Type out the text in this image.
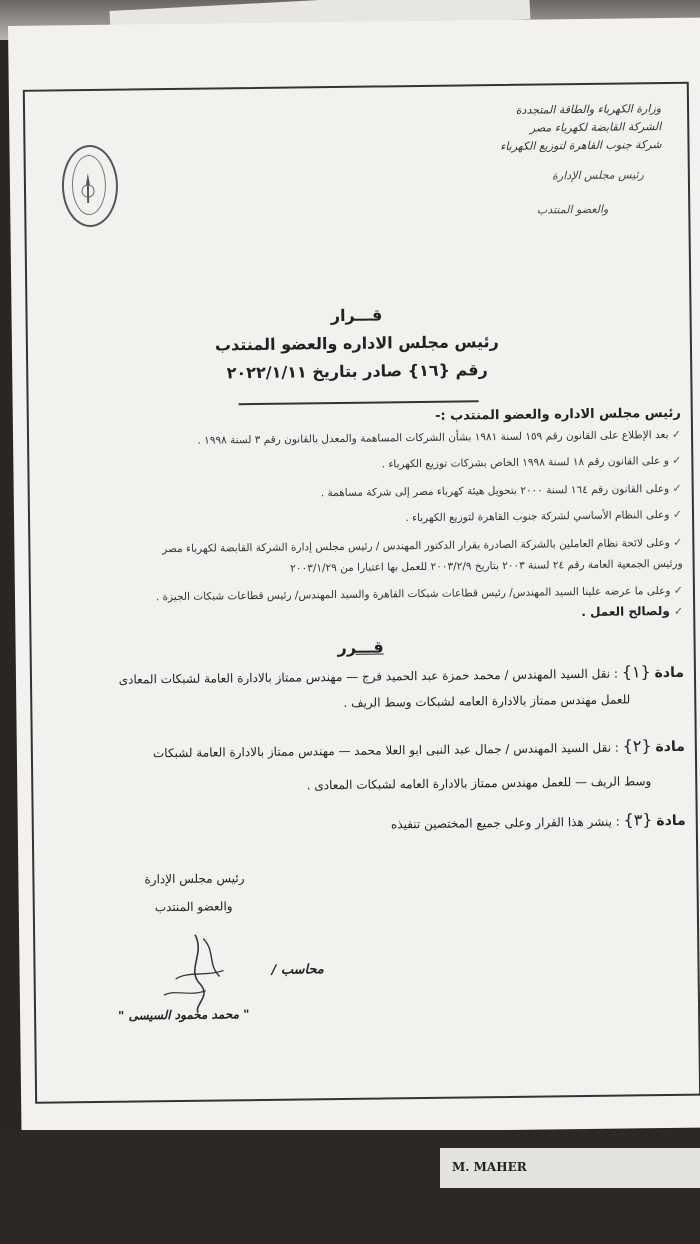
وزارة الكهرباء والطاقة المتجددة
الشركة القابضة لكهرباء مصر
شركة جنوب القاهرة لتوزيع الكهرباء
رئيس مجلس الإدارة
والعضو المنتدب
قـــرار
رئيس مجلس الاداره والعضو المنتدب
رقم {١٦} صادر بتاريخ ٢٠٢٢/١/١١
رئيس مجلس الاداره والعضو المنتدب :-
✓ بعد الإطلاع على القانون رقم ١٥٩ لسنة ١٩٨١ بشأن الشركات المساهمة والمعدل بالقانون رقم ٣ لسنة ١٩٩٨ .
✓ و على القانون رقم ١٨ لسنة ١٩٩٨ الخاص بشركات توزيع الكهرباء .
✓ وعلى القانون رقم ١٦٤ لسنة ٢٠٠٠ بتحويل هيئة كهرباء مصر إلى شركة مساهمة .
✓ وعلى النظام الأساسي لشركة جنوب القاهرة لتوزيع الكهرباء .
✓ وعلى لائحة نظام العاملين بالشركة الصادرة بقرار الدكتور المهندس / رئيس مجلس إدارة الشركة القابضة لكهرباء مصر
ورئيس الجمعية العامة رقم ٢٤ لسنة ٢٠٠٣ بتاريخ ٢٠٠٣/٢/٩ للعمل بها اعتبارا من ٢٠٠٣/١/٢٩
✓ وعلى ما عرضه علينا السيد المهندس/ رئيس قطاعات شبكات القاهرة والسيد المهندس/ رئيس قطاعات شبكات الجيزة .
✓ ولصالح العمل .
قـــرر
مادة {١} : نقل السيد المهندس / محمد حمزة عبد الحميد فرج — مهندس ممتاز بالادارة العامة لشبكات المعادى
للعمل مهندس ممتاز بالادارة العامه لشبكات وسط الريف .
مادة {٢} : نقل السيد المهندس / جمال عبد النبى ابو العلا محمد — مهندس ممتاز بالادارة العامة لشبكات
وسط الريف — للعمل مهندس ممتاز بالادارة العامه لشبكات المعادى .
مادة {٣} : ينشر هذا القرار وعلى جميع المختصين تنفيذه
رئيس مجلس الإدارة
والعضو المنتدب
محاسب /
" محمد محمود السيسى "
M. MAHER
